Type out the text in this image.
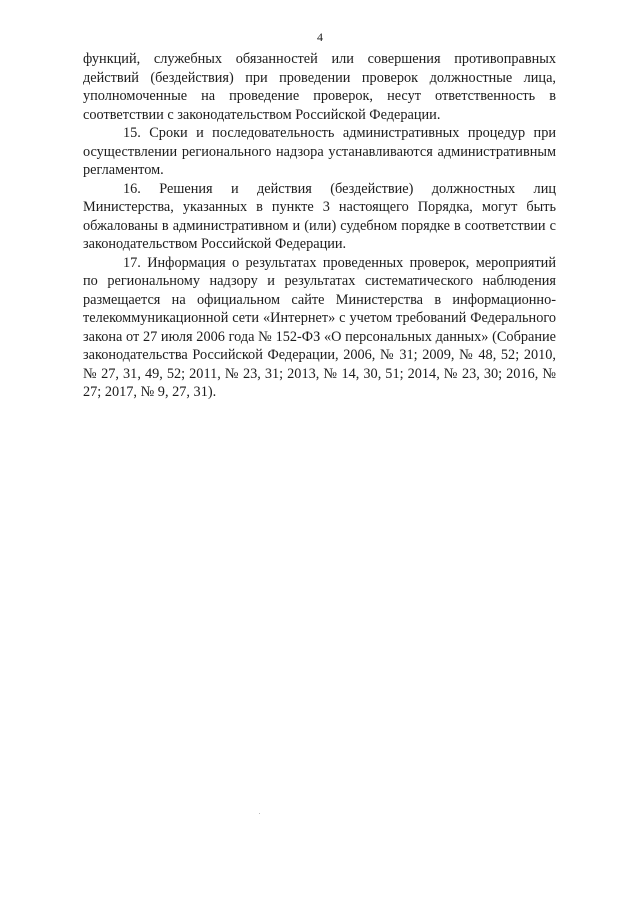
4

функций, служебных обязанностей или совершения противоправных действий (бездействия) при проведении проверок должностные лица, уполномоченные на проведение проверок, несут ответственность в соответствии с законодательством Российской Федерации.

15. Сроки и последовательность административных процедур при осуществлении регионального надзора устанавливаются административным регламентом.

16. Решения и действия (бездействие) должностных лиц Министерства, указанных в пункте 3 настоящего Порядка, могут быть обжалованы в административном и (или) судебном порядке в соответствии с законодательством Российской Федерации.

17. Информация о результатах проведенных проверок, мероприятий по региональному надзору и результатах систематического наблюдения размещается на официальном сайте Министерства в информационно-телекоммуникационной сети «Интернет» с учетом требований Федерального закона от 27 июля 2006 года № 152-ФЗ «О персональных данных» (Собрание законодательства Российской Федерации, 2006, № 31; 2009, № 48, 52; 2010, № 27, 31, 49, 52; 2011, № 23, 31; 2013, № 14, 30, 51; 2014, № 23, 30; 2016, № 27; 2017, № 9, 27, 31).
